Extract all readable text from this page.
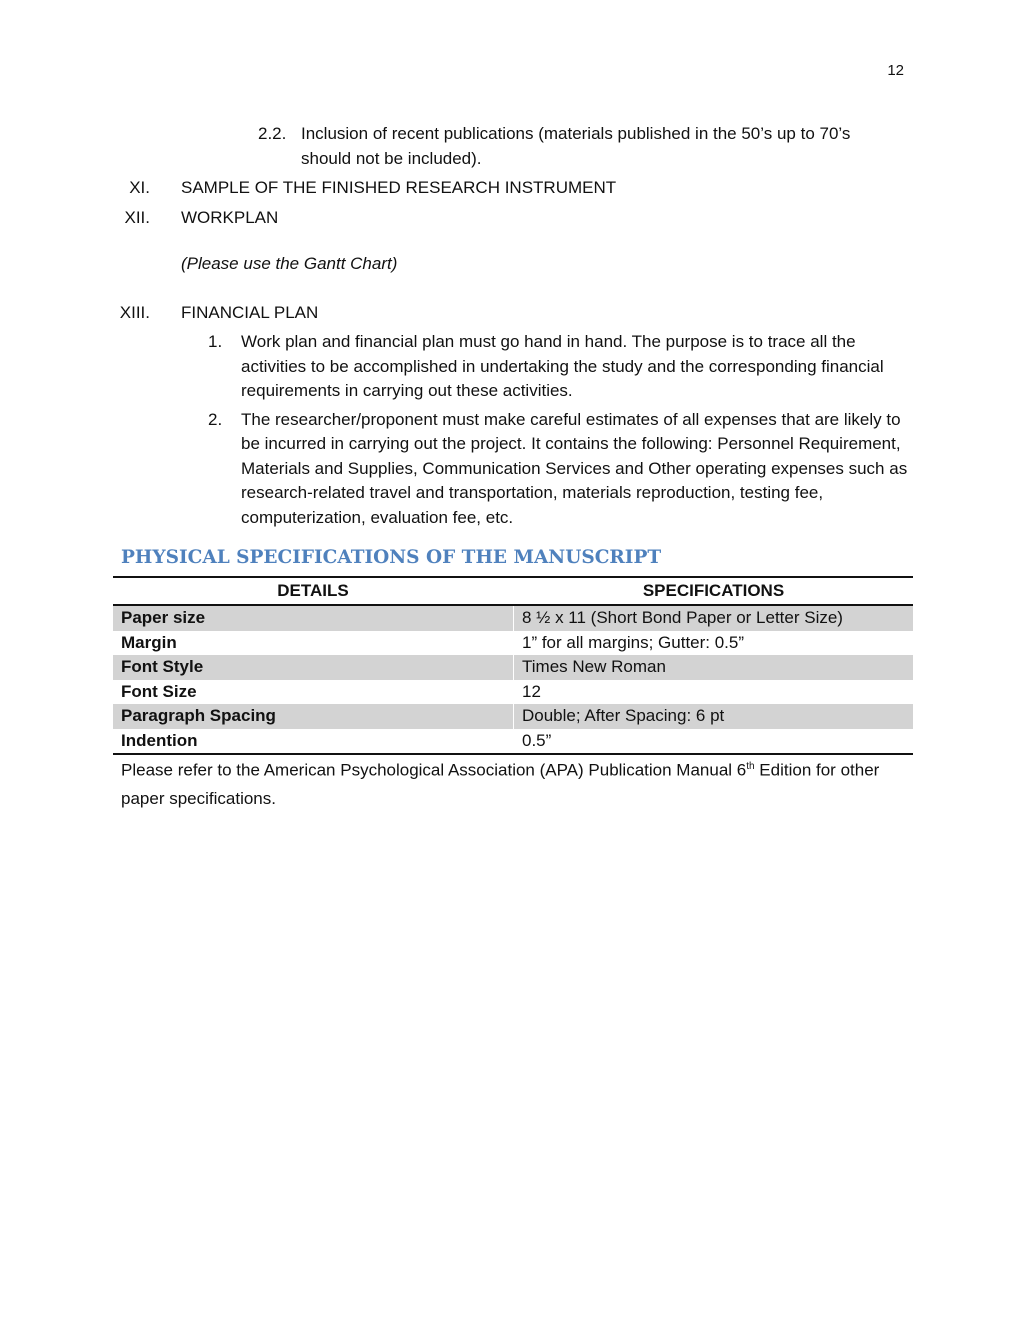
12
2.2. Inclusion of recent publications (materials published in the 50’s up to 70’s should not be included).
XI. SAMPLE OF THE FINISHED RESEARCH INSTRUMENT
XII. WORKPLAN
(Please use the Gantt Chart)
XIII. FINANCIAL PLAN
1. Work plan and financial plan must go hand in hand. The purpose is to trace all the activities to be accomplished in undertaking the study and the corresponding financial requirements in carrying out these activities.
2. The researcher/proponent must make careful estimates of all expenses that are likely to be incurred in carrying out the project. It contains the following: Personnel Requirement, Materials and Supplies, Communication Services and Other operating expenses such as research-related travel and transportation, materials reproduction, testing fee, computerization, evaluation fee, etc.
PHYSICAL SPECIFICATIONS OF THE MANUSCRIPT
DETAILS	SPECIFICATIONS
Paper size	8 ½ x 11 (Short Bond Paper or Letter Size)
Margin	1” for all margins; Gutter: 0.5”
Font Style	Times New Roman
Font Size	12
Paragraph Spacing	Double; After Spacing: 6 pt
Indention	0.5”
Please refer to the American Psychological Association (APA) Publication Manual 6th Edition for other paper specifications.
